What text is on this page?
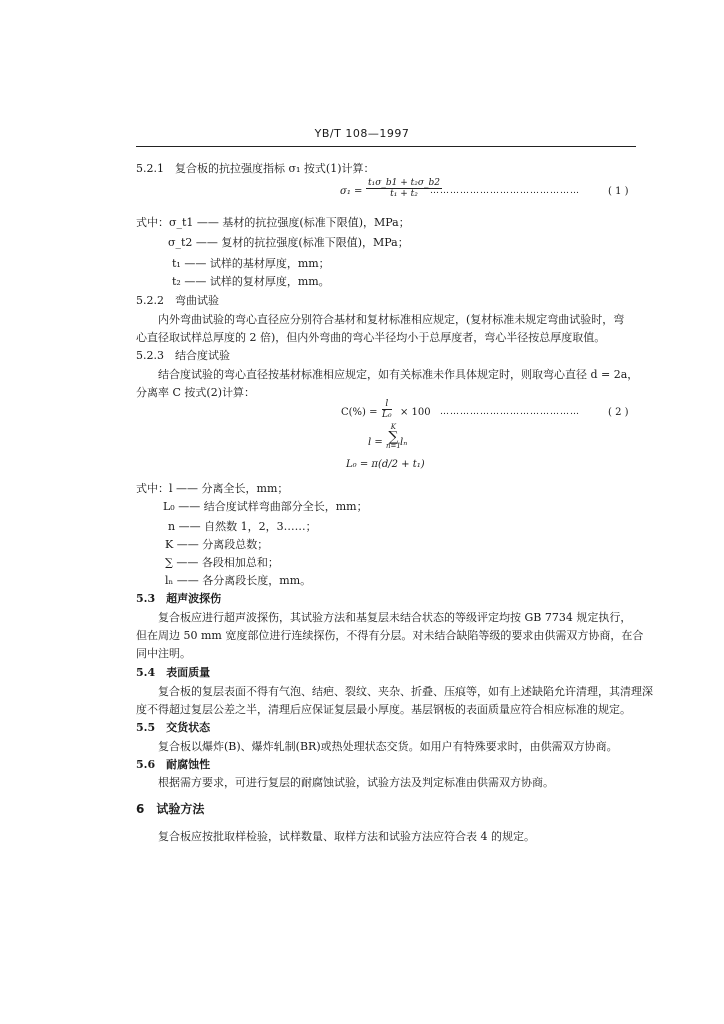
YB/T 108—1997
5.2.1　复合板的抗拉强度指标 σ₁ 按式(1)计算：
$\sigma_1 = \frac{\text{t₁σ\_b1 + t₂σ\_b2}}{\text{t₁ + t₂}}$
………………………………………	( 1 )
式中：σ_t1 —— 基材的抗拉强度(标准下限值)，MPa；
σ_t2 —— 复材的抗拉强度(标准下限值)，MPa；
t₁ —— 试样的基材厚度，mm；
t₂ —— 试样的复材厚度，mm。
5.2.2　弯曲试验
内外弯曲试验的弯心直径应分别符合基材和复材标准相应规定，(复材标准未规定弯曲试验时，弯
心直径取试样总厚度的 2 倍)，但内外弯曲的弯心半径均小于总厚度者，弯心半径按总厚度取值。
5.2.3　结合度试验
结合度试验的弯心直径按基材标准相应规定，如有关标准未作具体规定时，则取弯心直径 d = 2a，
分离率 C 按式(2)计算：
$C(\%) = \frac{l}{\text{L₀}} \times 100$ ……………………………………	( 2 )
l =
K
∑
n=1 lₙ
L₀ = π(d/2 + t₁)
式中：l —— 分离全长，mm；
L₀ —— 结合度试样弯曲部分全长，mm；
n —— 自然数 1，2，3……；
K —— 分离段总数；
∑ —— 各段相加总和；
lₙ —— 各分离段长度，mm。
5.3　超声波探伤
复合板应进行超声波探伤，其试验方法和基复层未结合状态的等级评定均按 GB 7734 规定执行，
但在周边 50 mm 宽度部位进行连续探伤，不得有分层。对未结合缺陷等级的要求由供需双方协商，在合
同中注明。
5.4　表面质量
复合板的复层表面不得有气泡、结疤、裂纹、夹杂、折叠、压痕等，如有上述缺陷允许清理，其清理深
度不得超过复层公差之半，清理后应保证复层最小厚度。基层钢板的表面质量应符合相应标准的规定。
5.5　交货状态
复合板以爆炸(B)、爆炸轧制(BR)或热处理状态交货。如用户有特殊要求时，由供需双方协商。
5.6　耐腐蚀性
根据需方要求，可进行复层的耐腐蚀试验，试验方法及判定标准由供需双方协商。
6　试验方法
复合板应按批取样检验，试样数量、取样方法和试验方法应符合表 4 的规定。
